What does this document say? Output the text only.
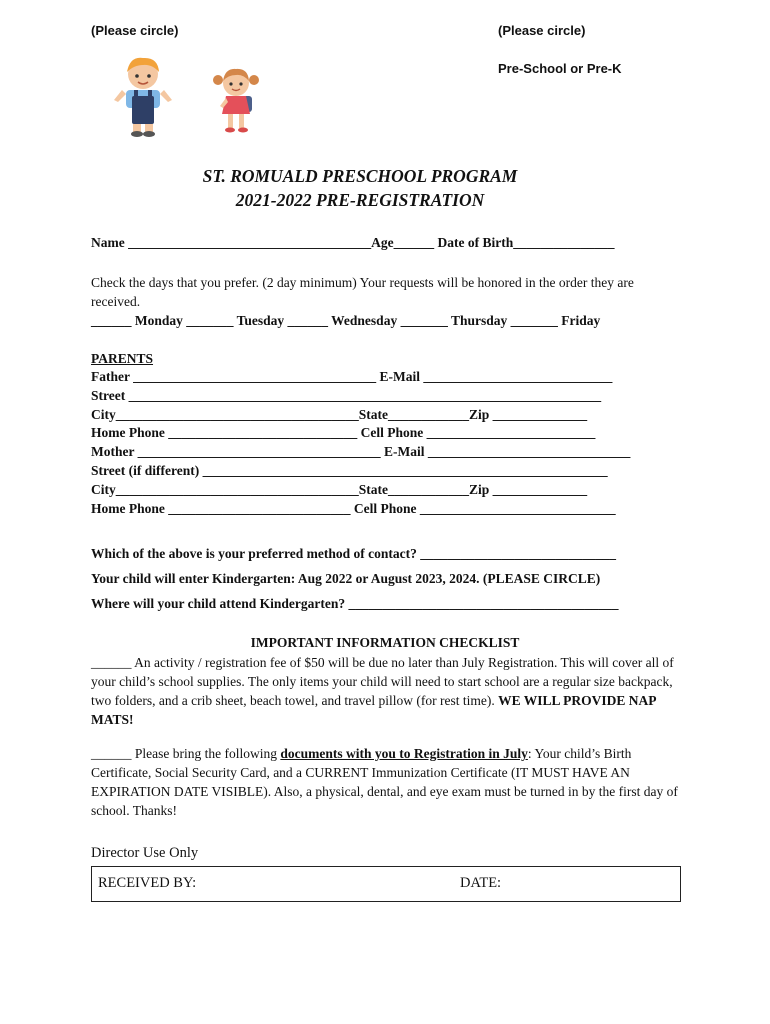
(Please circle)	(Please circle)
Pre-School or Pre-K
ST. ROMUALD PRESCHOOL PROGRAM
2021-2022 PRE-REGISTRATION
Name ____________________________________Age______ Date of Birth_______________
Check the days that you prefer. (2 day minimum) Your requests will be honored in the order they are
received.
______ Monday _______ Tuesday ______ Wednesday _______ Thursday _______ Friday
PARENTS
Father ____________________________________ E-Mail ____________________________
Street ______________________________________________________________________
City____________________________________State____________Zip ______________
Home Phone ____________________________ Cell Phone _________________________
Mother ____________________________________ E-Mail ______________________________
Street (if different) ____________________________________________________________
City____________________________________State____________Zip ______________
Home Phone ___________________________ Cell Phone _____________________________
Which of the above is your preferred method of contact? _____________________________
Your child will enter Kindergarten: Aug 2022 or August 2023, 2024. (PLEASE CIRCLE)
Where will your child attend Kindergarten? ________________________________________
IMPORTANT INFORMATION CHECKLIST
______ An activity / registration fee of $50 will be due no later than July Registration. This will cover all of your child’s school supplies. The only items your child will need to start school are a regular size backpack, two folders, and a crib sheet, beach towel, and travel pillow (for rest time). WE WILL PROVIDE NAP MATS!
______ Please bring the following documents with you to Registration in July: Your child’s Birth Certificate, Social Security Card, and a CURRENT Immunization Certificate (IT MUST HAVE AN EXPIRATION DATE VISIBLE). Also, a physical, dental, and eye exam must be turned in by the first day of school. Thanks!
Director Use Only
RECEIVED BY:	DATE:
